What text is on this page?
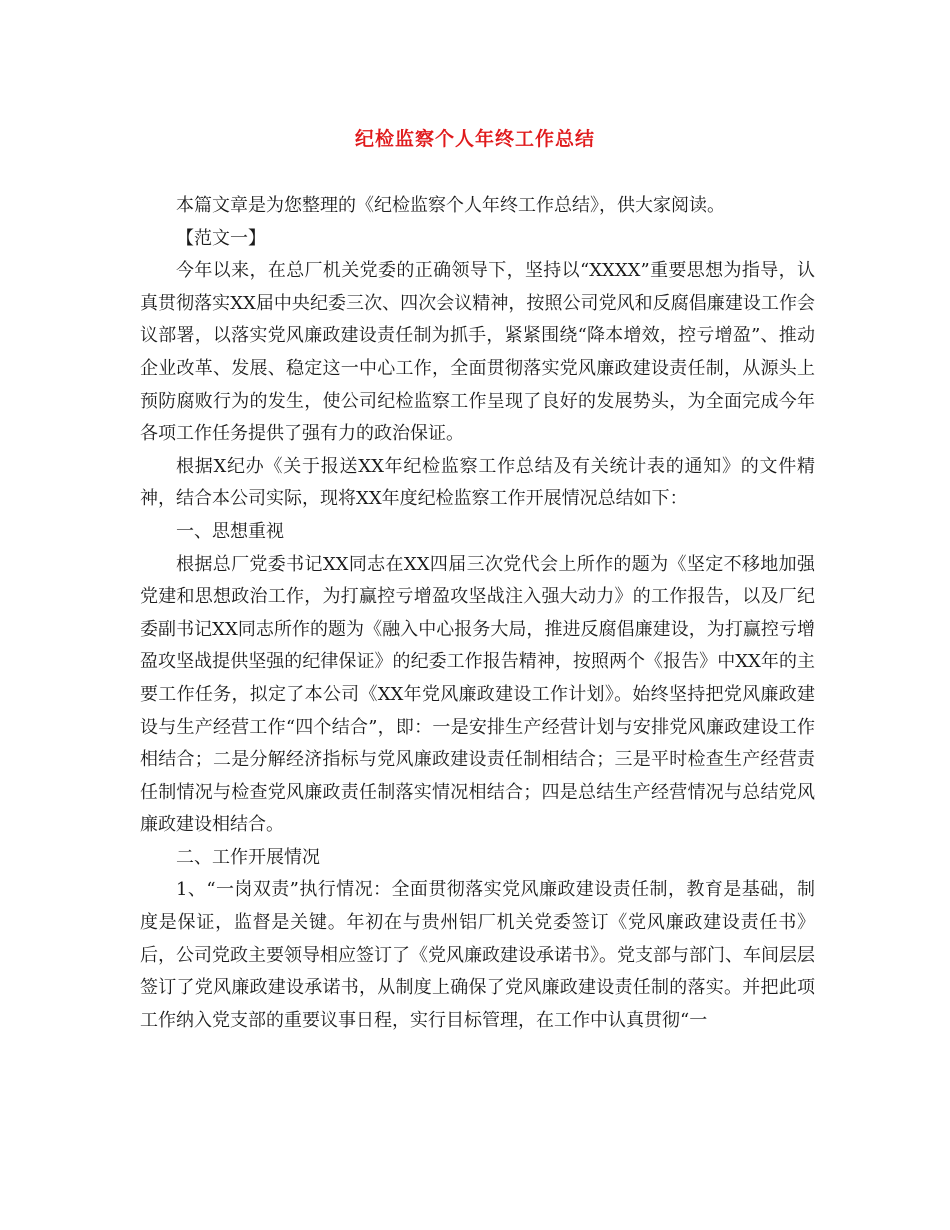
纪检监察个人年终工作总结

本篇文章是为您整理的《纪检监察个人年终工作总结》，供大家阅读。

【范文一】

今年以来，在总厂机关党委的正确领导下，坚持以“XXXX”重要思想为指导，认真贯彻落实XX届中央纪委三次、四次会议精神，按照公司党风和反腐倡廉建设工作会议部署，以落实党风廉政建设责任制为抓手，紧紧围绕“降本增效，控亏增盈”、推动企业改革、发展、稳定这一中心工作，全面贯彻落实党风廉政建设责任制，从源头上预防腐败行为的发生，使公司纪检监察工作呈现了良好的发展势头，为全面完成今年各项工作任务提供了强有力的政治保证。

根据X纪办《关于报送XX年纪检监察工作总结及有关统计表的通知》的文件精神，结合本公司实际，现将XX年度纪检监察工作开展情况总结如下：

一、思想重视

根据总厂党委书记XX同志在XX四届三次党代会上所作的题为《坚定不移地加强党建和思想政治工作，为打赢控亏增盈攻坚战注入强大动力》的工作报告，以及厂纪委副书记XX同志所作的题为《融入中心报务大局，推进反腐倡廉建设，为打赢控亏增盈攻坚战提供坚强的纪律保证》的纪委工作报告精神，按照两个《报告》中XX年的主要工作任务，拟定了本公司《XX年党风廉政建设工作计划》。始终坚持把党风廉政建设与生产经营工作“四个结合”，即：一是安排生产经营计划与安排党风廉政建设工作相结合；二是分解经济指标与党风廉政建设责任制相结合；三是平时检查生产经营责任制情况与检查党风廉政责任制落实情况相结合；四是总结生产经营情况与总结党风廉政建设相结合。

二、工作开展情况

1、“一岗双责”执行情况：全面贯彻落实党风廉政建设责任制，教育是基础，制度是保证，监督是关键。年初在与贵州铝厂机关党委签订《党风廉政建设责任书》后，公司党政主要领导相应签订了《党风廉政建设承诺书》。党支部与部门、车间层层签订了党风廉政建设承诺书，从制度上确保了党风廉政建设责任制的落实。并把此项工作纳入党支部的重要议事日程，实行目标管理，在工作中认真贯彻“一
